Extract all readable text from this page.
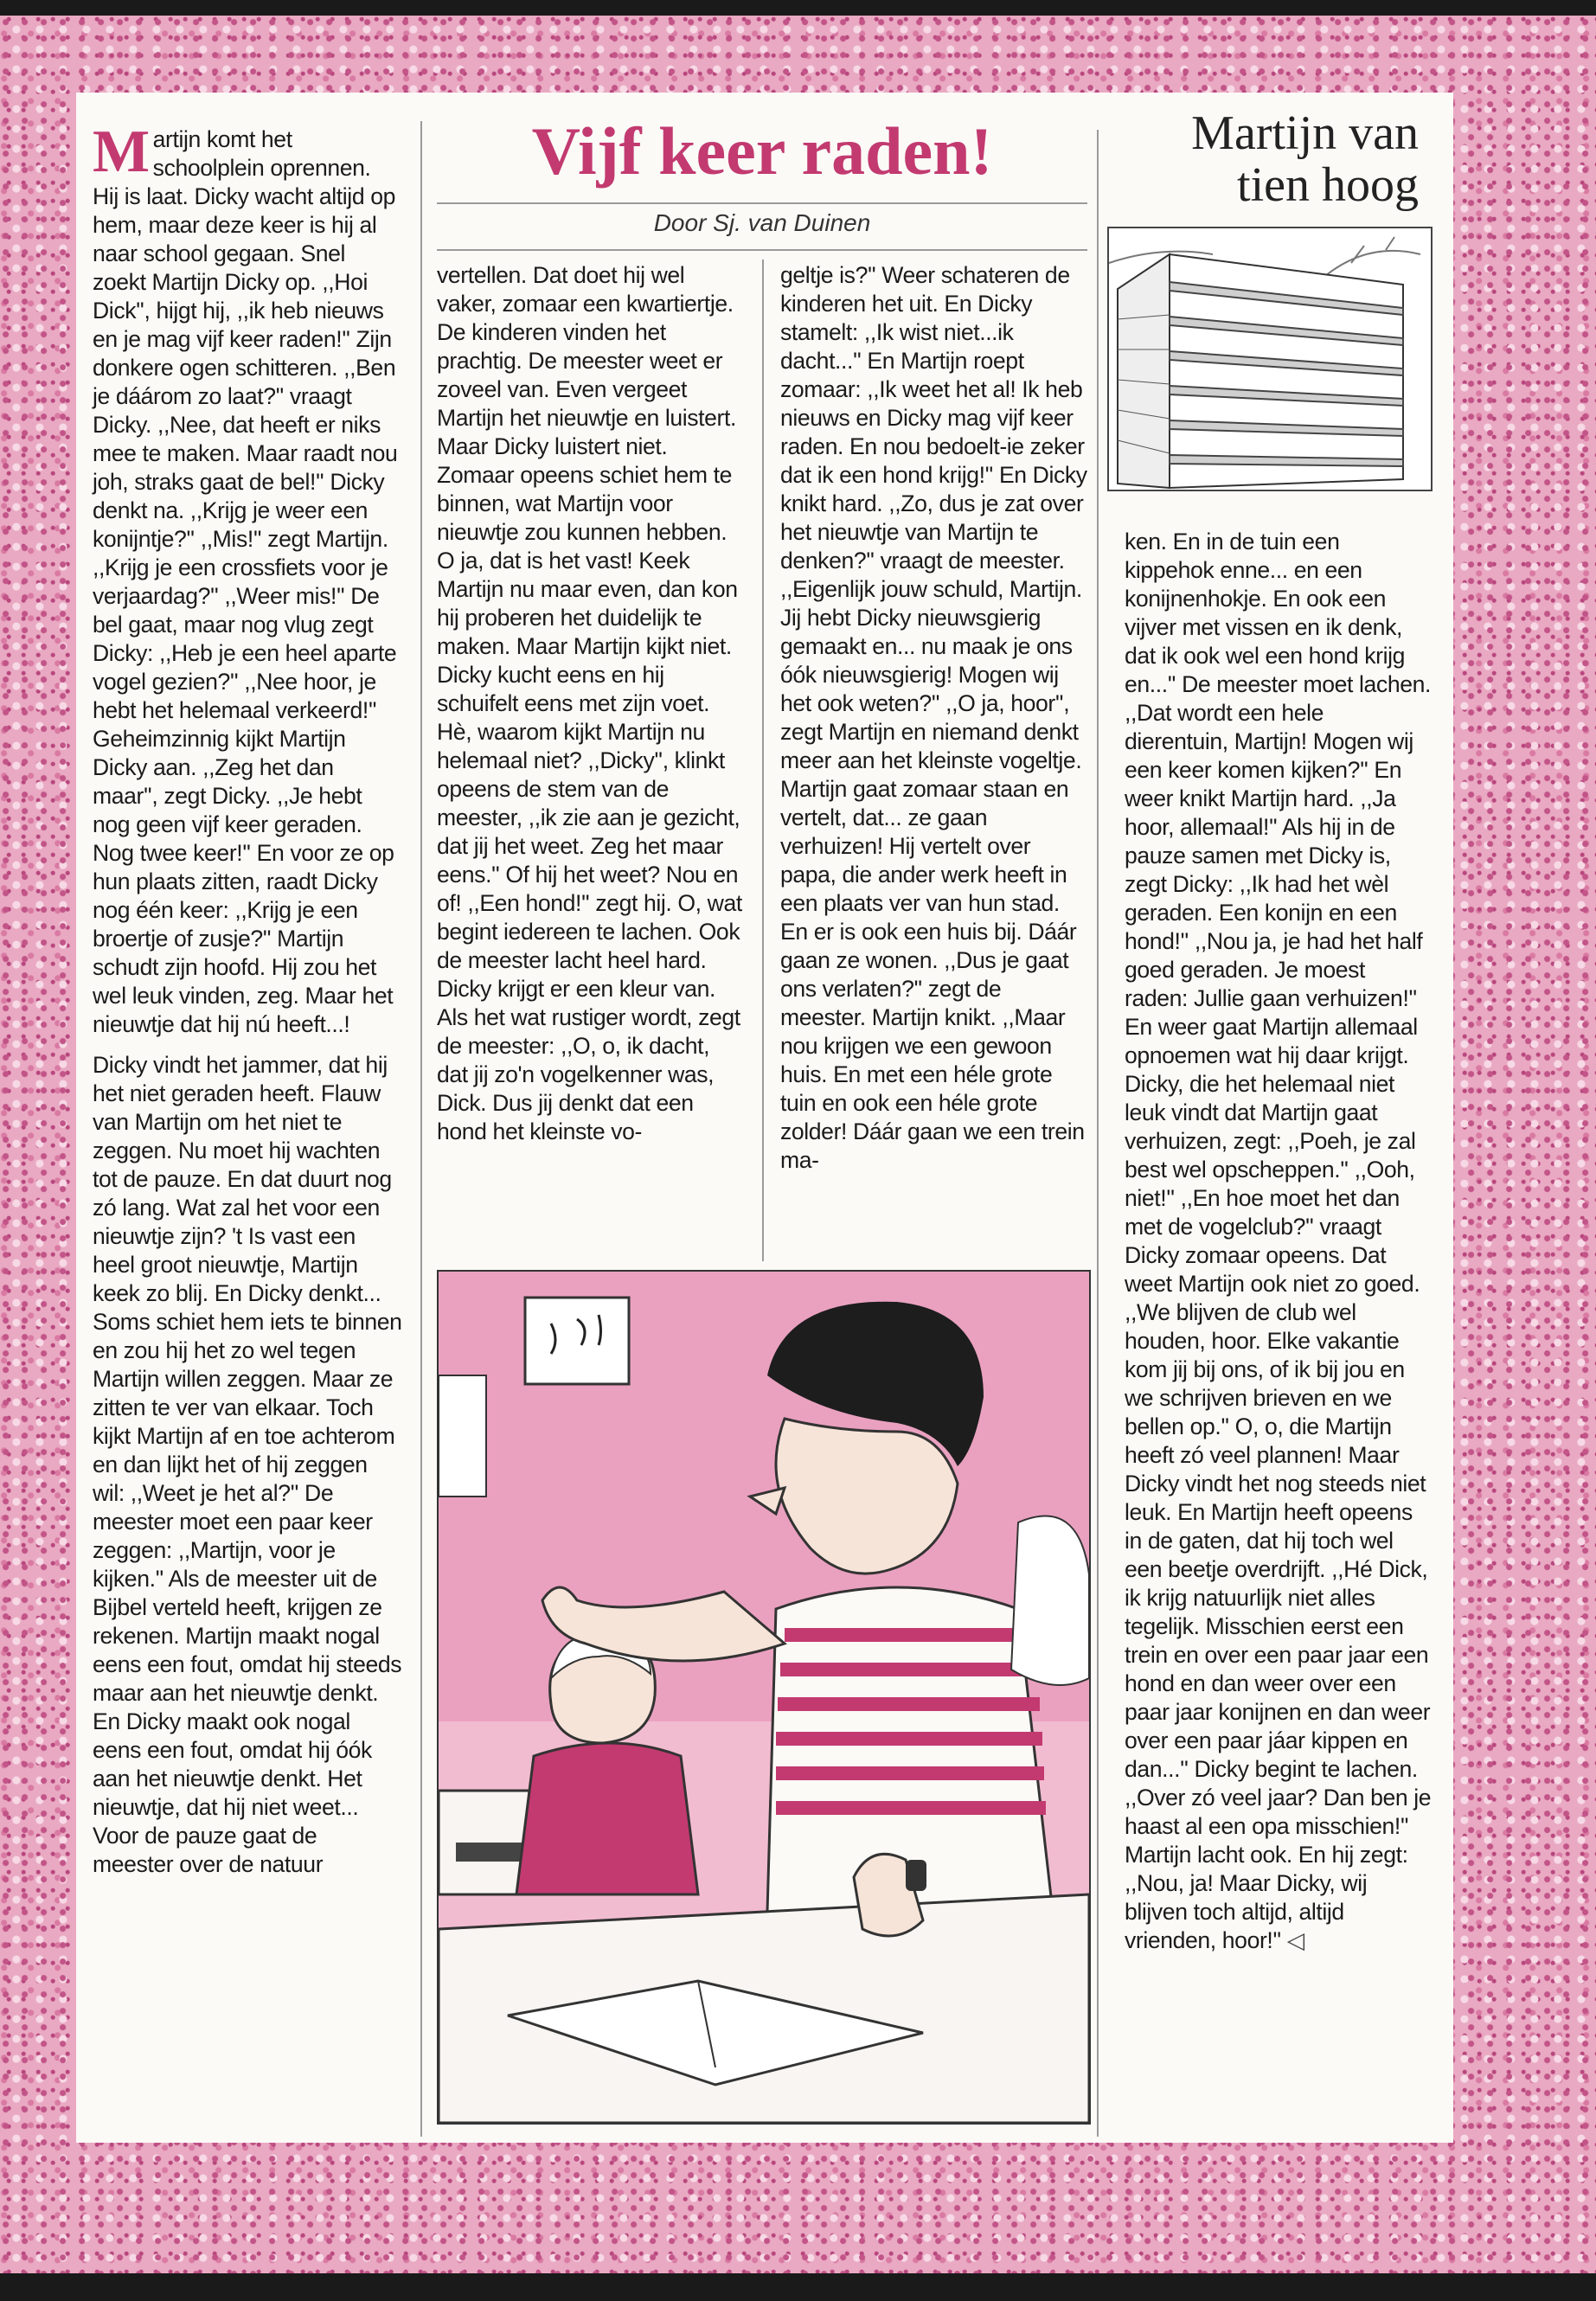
Vijf keer raden!
Door Sj. van Duinen
Martijn van
tien hoog

Martijn komt het schoolplein oprennen. Hij is laat. Dicky wacht altijd op hem, maar deze keer is hij al naar school gegaan. Snel zoekt Martijn Dicky op. ,,Hoi Dick'', hijgt hij, ,,ik heb nieuws en je mag vijf keer raden!'' Zijn donkere ogen schitteren. ,,Ben je dáárom zo laat?'' vraagt Dicky. ,,Nee, dat heeft er niks mee te maken. Maar raadt nou joh, straks gaat de bel!'' Dicky denkt na. ,,Krijg je weer een konijntje?'' ,,Mis!'' zegt Martijn. ,,Krijg je een crossfiets voor je verjaardag?'' ,,Weer mis!'' De bel gaat, maar nog vlug zegt Dicky: ,,Heb je een heel aparte vogel gezien?'' ,,Nee hoor, je hebt het helemaal verkeerd!'' Geheimzinnig kijkt Martijn Dicky aan. ,,Zeg het dan maar'', zegt Dicky. ,,Je hebt nog geen vijf keer geraden. Nog twee keer!'' En voor ze op hun plaats zitten, raadt Dicky nog één keer: ,,Krijg je een broertje of zusje?'' Martijn schudt zijn hoofd. Hij zou het wel leuk vinden, zeg. Maar het nieuwtje dat hij nú heeft...!

Dicky vindt het jammer, dat hij het niet geraden heeft. Flauw van Martijn om het niet te zeggen. Nu moet hij wachten tot de pauze. En dat duurt nog zó lang. Wat zal het voor een nieuwtje zijn? 't Is vast een heel groot nieuwtje, Martijn keek zo blij. En Dicky denkt... Soms schiet hem iets te binnen en zou hij het zo wel tegen Martijn willen zeggen. Maar ze zitten te ver van elkaar. Toch kijkt Martijn af en toe achterom en dan lijkt het of hij zeggen wil: ,,Weet je het al?'' De meester moet een paar keer zeggen: ,,Martijn, voor je kijken.'' Als de meester uit de Bijbel verteld heeft, krijgen ze rekenen. Martijn maakt nogal eens een fout, omdat hij steeds maar aan het nieuwtje denkt. En Dicky maakt ook nogal eens een fout, omdat hij óók aan het nieuwtje denkt. Het nieuwtje, dat hij niet weet... Voor de pauze gaat de meester over de natuur

vertellen. Dat doet hij wel vaker, zomaar een kwartiertje. De kinderen vinden het prachtig. De meester weet er zoveel van. Even vergeet Martijn het nieuwtje en luistert. Maar Dicky luistert niet. Zomaar opeens schiet hem te binnen, wat Martijn voor nieuwtje zou kunnen hebben. O ja, dat is het vast! Keek Martijn nu maar even, dan kon hij proberen het duidelijk te maken. Maar Martijn kijkt niet. Dicky kucht eens en hij schuifelt eens met zijn voet. Hè, waarom kijkt Martijn nu helemaal niet? ,,Dicky'', klinkt opeens de stem van de meester, ,,ik zie aan je gezicht, dat jij het weet. Zeg het maar eens.'' Of hij het weet? Nou en of! ,,Een hond!'' zegt hij. O, wat begint iedereen te lachen. Ook de meester lacht heel hard. Dicky krijgt er een kleur van. Als het wat rustiger wordt, zegt de meester: ,,O, o, ik dacht, dat jij zo'n vogelkenner was, Dick. Dus jij denkt dat een hond het kleinste vo-

geltje is?'' Weer schateren de kinderen het uit. En Dicky stamelt: ,,Ik wist niet...ik dacht...'' En Martijn roept zomaar: ,,Ik weet het al! Ik heb nieuws en Dicky mag vijf keer raden. En nou bedoelt-ie zeker dat ik een hond krijg!'' En Dicky knikt hard. ,,Zo, dus je zat over het nieuwtje van Martijn te denken?'' vraagt de meester. ,,Eigenlijk jouw schuld, Martijn. Jij hebt Dicky nieuwsgierig gemaakt en... nu maak je ons óók nieuwsgierig! Mogen wij het ook weten?'' ,,O ja, hoor'', zegt Martijn en niemand denkt meer aan het kleinste vogeltje. Martijn gaat zomaar staan en vertelt, dat... ze gaan verhuizen! Hij vertelt over papa, die ander werk heeft in een plaats ver van hun stad. En er is ook een huis bij. Dáár gaan ze wonen. ,,Dus je gaat ons verlaten?'' zegt de meester. Martijn knikt. ,,Maar nou krijgen we een gewoon huis. En met een héle grote tuin en ook een héle grote zolder! Dáár gaan we een trein ma-

ken. En in de tuin een kippehok enne... en een konijnenhokje. En ook een vijver met vissen en ik denk, dat ik ook wel een hond krijg en...'' De meester moet lachen. ,,Dat wordt een hele dierentuin, Martijn! Mogen wij een keer komen kijken?'' En weer knikt Martijn hard. ,,Ja hoor, allemaal!'' Als hij in de pauze samen met Dicky is, zegt Dicky: ,,Ik had het wèl geraden. Een konijn en een hond!'' ,,Nou ja, je had het half goed geraden. Je moest raden: Jullie gaan verhuizen!'' En weer gaat Martijn allemaal opnoemen wat hij daar krijgt. Dicky, die het helemaal niet leuk vindt dat Martijn gaat verhuizen, zegt: ,,Poeh, je zal best wel opscheppen.'' ,,Ooh, niet!'' ,,En hoe moet het dan met de vogelclub?'' vraagt Dicky zomaar opeens. Dat weet Martijn ook niet zo goed. ,,We blijven de club wel houden, hoor. Elke vakantie kom jij bij ons, of ik bij jou en we schrijven brieven en we bellen op.'' O, o, die Martijn heeft zó veel plannen! Maar Dicky vindt het nog steeds niet leuk. En Martijn heeft opeens in de gaten, dat hij toch wel een beetje overdrijft. ,,Hé Dick, ik krijg natuurlijk niet alles tegelijk. Misschien eerst een trein en over een paar jaar een hond en dan weer over een paar jaar konijnen en dan weer over een paar jáar kippen en dan...'' Dicky begint te lachen. ,,Over zó veel jaar? Dan ben je haast al een opa misschien!'' Martijn lacht ook. En hij zegt: ,,Nou, ja! Maar Dicky, wij blijven toch altijd, altijd vrienden, hoor!'' ◁
